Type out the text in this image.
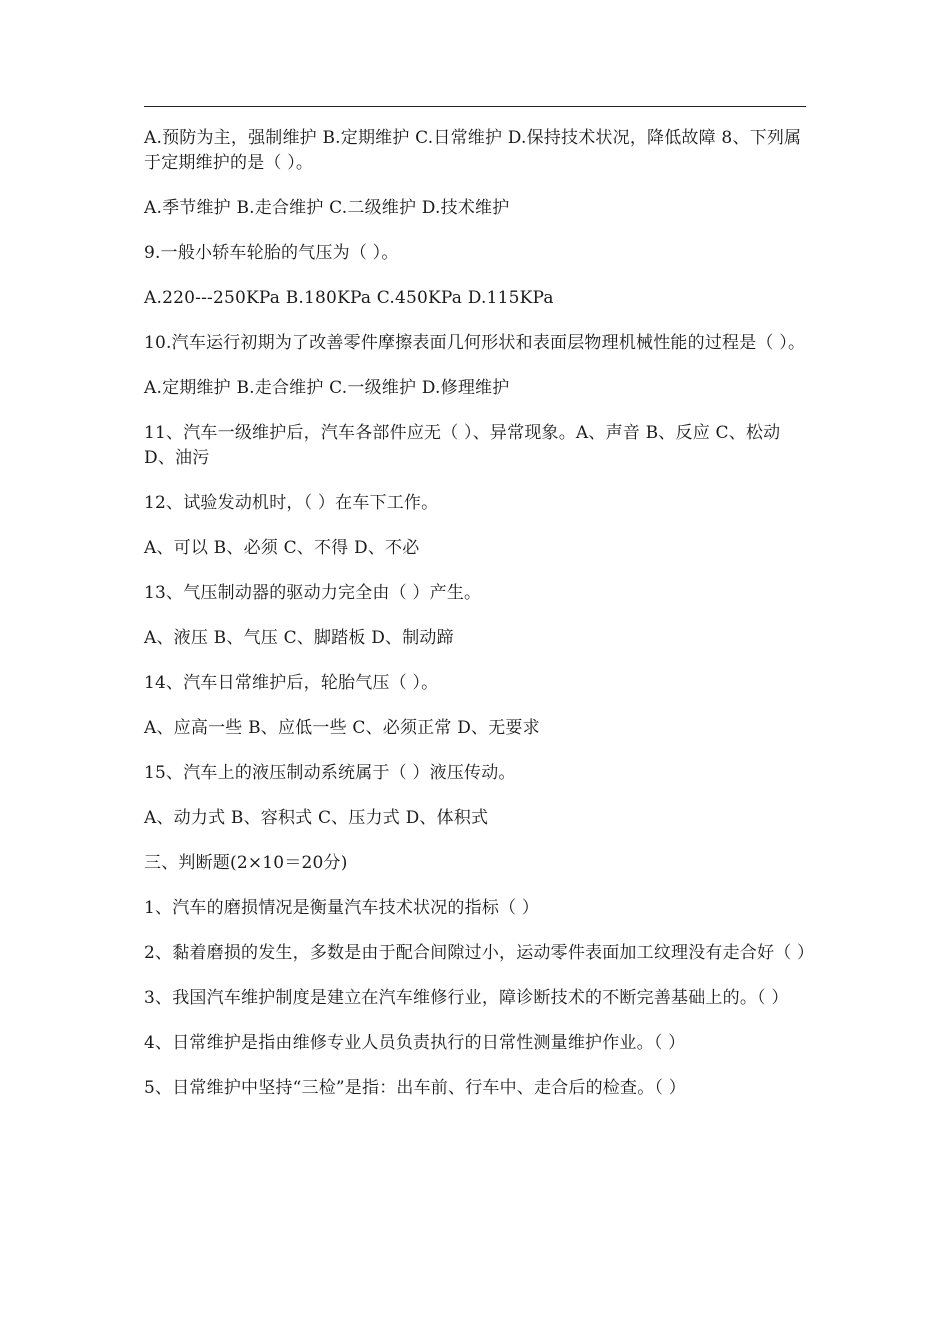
A.预防为主，强制维护 B.定期维护 C.日常维护 D.保持技术状况，降低故障 8、下列属于定期维护的是（ ）。

A.季节维护 B.走合维护 C.二级维护 D.技术维护

9.一般小轿车轮胎的气压为（ ）。

A.220---250KPa B.180KPa C.450KPa D.115KPa

10.汽车运行初期为了改善零件摩擦表面几何形状和表面层物理机械性能的过程是（ ）。

A.定期维护 B.走合维护 C.一级维护 D.修理维护

11、汽车一级维护后，汽车各部件应无（ ）、异常现象。A、声音 B、反应 C、松动 D、油污

12、试验发动机时，（ ）在车下工作。

A、可以 B、必须 C、不得 D、不必

13、气压制动器的驱动力完全由（ ）产生。

A、液压 B、气压 C、脚踏板 D、制动蹄

14、汽车日常维护后，轮胎气压（ ）。

A、应高一些 B、应低一些 C、必须正常 D、无要求

15、汽车上的液压制动系统属于（ ）液压传动。

A、动力式 B、容积式 C、压力式 D、体积式

三、判断题(2×10＝20分)

1、汽车的磨损情况是衡量汽车技术状况的指标（ ）

2、黏着磨损的发生，多数是由于配合间隙过小，运动零件表面加工纹理没有走合好（ ）

3、我国汽车维护制度是建立在汽车维修行业，障诊断技术的不断完善基础上的。（ ）

4、日常维护是指由维修专业人员负责执行的日常性测量维护作业。（ ）

5、日常维护中坚持“三检”是指：出车前、行车中、走合后的检查。（ ）
